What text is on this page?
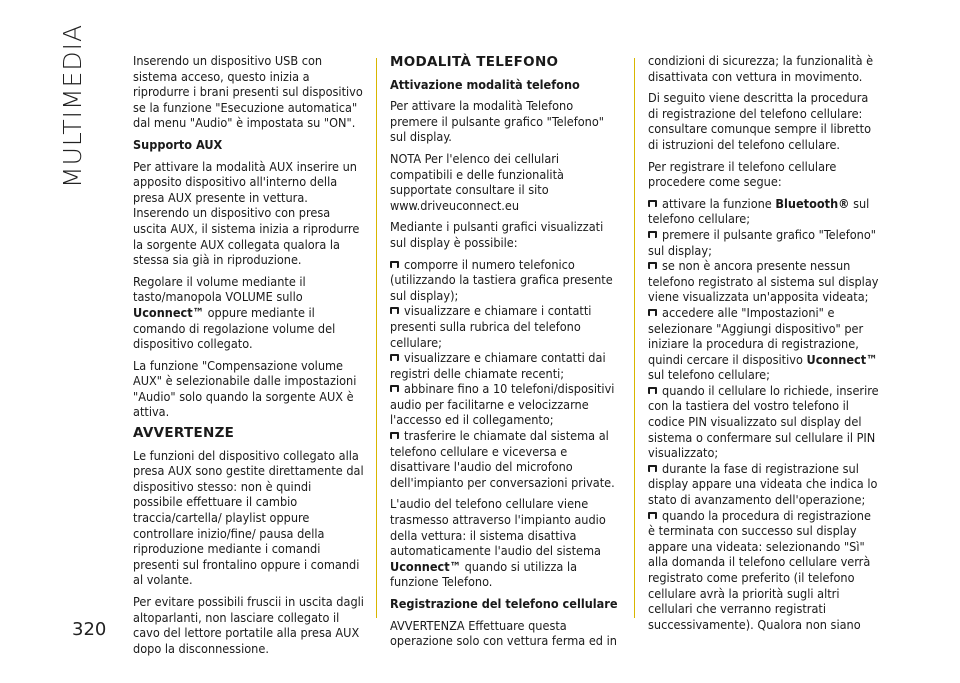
MULTIMEDIA
320

Inserendo un dispositivo USB con sistema acceso, questo inizia a riprodurre i brani presenti sul dispositivo se la funzione "Esecuzione automatica" dal menu "Audio" è impostata su "ON".

Supporto AUX

Per attivare la modalità AUX inserire un apposito dispositivo all'interno della presa AUX presente in vettura. Inserendo un dispositivo con presa uscita AUX, il sistema inizia a riprodurre la sorgente AUX collegata qualora la stessa sia già in riproduzione.

Regolare il volume mediante il tasto/manopola VOLUME sullo Uconnect™ oppure mediante il comando di regolazione volume del dispositivo collegato.

La funzione "Compensazione volume AUX" è selezionabile dalle impostazioni "Audio" solo quando la sorgente AUX è attiva.

AVVERTENZE

Le funzioni del dispositivo collegato alla presa AUX sono gestite direttamente dal dispositivo stesso: non è quindi possibile effettuare il cambio traccia/cartella/ playlist oppure controllare inizio/fine/ pausa della riproduzione mediante i comandi presenti sul frontalino oppure i comandi al volante.

Per evitare possibili fruscii in uscita dagli altoparlanti, non lasciare collegato il cavo del lettore portatile alla presa AUX dopo la disconnessione.

MODALITÀ TELEFONO

Attivazione modalità telefono

Per attivare la modalità Telefono premere il pulsante grafico "Telefono" sul display.

NOTA Per l'elenco dei cellulari compatibili e delle funzionalità supportate consultare il sito www.driveuconnect.eu

Mediante i pulsanti grafici visualizzati sul display è possibile:

comporre il numero telefonico (utilizzando la tastiera grafica presente sul display);
visualizzare e chiamare i contatti presenti sulla rubrica del telefono cellulare;
visualizzare e chiamare contatti dai registri delle chiamate recenti;
abbinare fino a 10 telefoni/dispositivi audio per facilitarne e velocizzarne l'accesso ed il collegamento;
trasferire le chiamate dal sistema al telefono cellulare e viceversa e disattivare l'audio del microfono dell'impianto per conversazioni private.

L'audio del telefono cellulare viene trasmesso attraverso l'impianto audio della vettura: il sistema disattiva automaticamente l'audio del sistema Uconnect™ quando si utilizza la funzione Telefono.

Registrazione del telefono cellulare

AVVERTENZA Effettuare questa operazione solo con vettura ferma ed in

condizioni di sicurezza; la funzionalità è disattivata con vettura in movimento.

Di seguito viene descritta la procedura di registrazione del telefono cellulare: consultare comunque sempre il libretto di istruzioni del telefono cellulare.

Per registrare il telefono cellulare procedere come segue:

attivare la funzione Bluetooth® sul telefono cellulare;
premere il pulsante grafico "Telefono" sul display;
se non è ancora presente nessun telefono registrato al sistema sul display viene visualizzata un'apposita videata;
accedere alle "Impostazioni" e selezionare "Aggiungi dispositivo" per iniziare la procedura di registrazione, quindi cercare il dispositivo Uconnect™ sul telefono cellulare;
quando il cellulare lo richiede, inserire con la tastiera del vostro telefono il codice PIN visualizzato sul display del sistema o confermare sul cellulare il PIN visualizzato;
durante la fase di registrazione sul display appare una videata che indica lo stato di avanzamento dell'operazione;
quando la procedura di registrazione è terminata con successo sul display appare una videata: selezionando "Sì" alla domanda il telefono cellulare verrà registrato come preferito (il telefono cellulare avrà la priorità sugli altri cellulari che verranno registrati successivamente). Qualora non siano
